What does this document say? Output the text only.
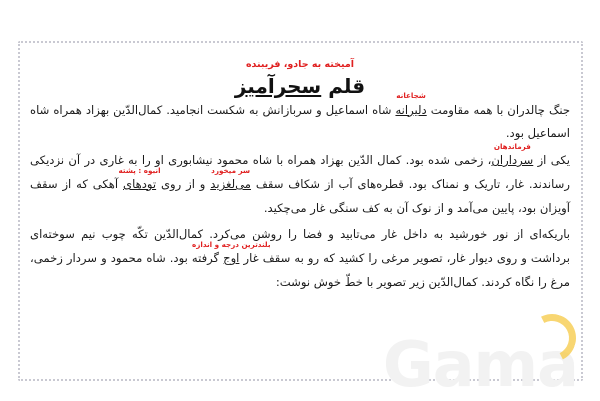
Gama
آمیخته به جادو، فریبنده
قلم سحرآمیز
جنگ چالدران با همه مقاومت دلیرانه
شجاعانه
شاه اسماعیل و سربازانش به شکست انجامید. کمال‌الدّین بهزاد همراه شاه اسماعیل بود.
یکی از سرداران
فرماندهان
، زخمی شده بود. کمال الدّین بهزاد همراه با شاه محمود نیشابوری او را به غاری در آن نزدیکی رساندند. غار، تاریک و نمناک بود. قطره‌های آب از شکاف سقف می‌لغزید
سر میخورد
و از روی تودهای
انبوه : پشته
آهکی که از سقف آویزان بود، پایین می‌آمد و از نوک آن به کف سنگی غار می‌چکید.
باریکه‌ای از نور خورشید به داخل غار می‌تابید و فضا را روشن می‌کرد. کمال‌الدّین تکّه چوب نیم سوخته‌ای برداشت و روی دیوار غار، تصویر مرغی را کشید که رو به سقف غار اوج
بلندترین درجه و اندازه
گرفته بود. شاه محمود و سردار زخمی، مرغ را نگاه کردند. کمال‌الدّین زیر تصویر با خطّ خوش نوشت:
